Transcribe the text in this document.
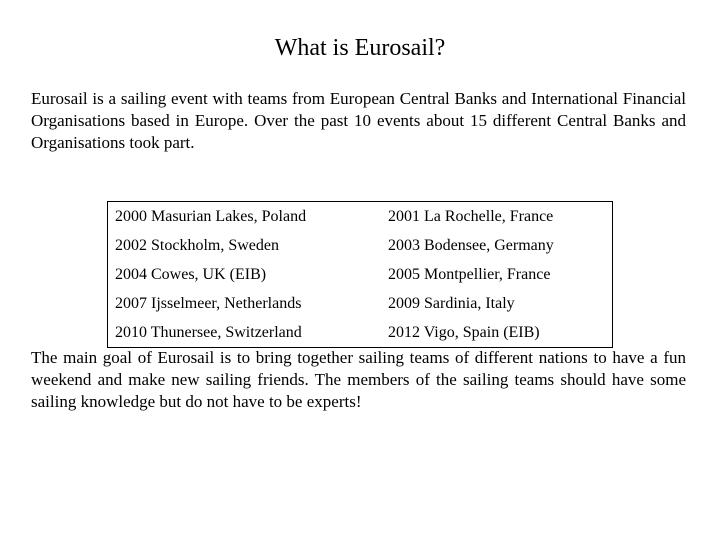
What is Eurosail?

Eurosail is a sailing event with teams from European Central Banks and International Financial Organisations based in Europe. Over the past 10 events about 15 different Central Banks and Organisations took part.

2000 Masurian Lakes, Poland	2001 La Rochelle, France
2002 Stockholm, Sweden	2003 Bodensee, Germany
2004 Cowes, UK (EIB)	2005 Montpellier, France
2007 Ijsselmeer, Netherlands	2009 Sardinia, Italy
2010 Thunersee, Switzerland	2012 Vigo, Spain (EIB)

The main goal of Eurosail is to bring together sailing teams of different nations to have a fun weekend and make new sailing friends. The members of the sailing teams should have some sailing knowledge but do not have to be experts!
